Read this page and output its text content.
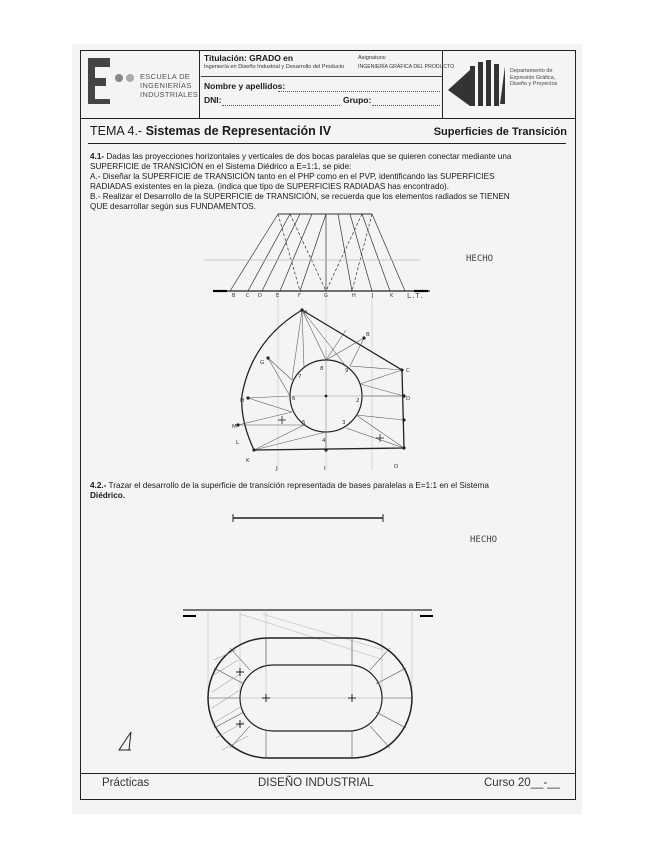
ESCUELA DE
INGENIERÍAS
INDUSTRIALES
Titulación: GRADO en
Ingeniería en Diseño Industrial y Desarrollo del Producto
Asignatura:
INGENIERÍA GRÁFICA DEL PRODUCTO
Nombre y apellidos:
DNI:	Grupo:
Departamento de
Expresión Gráfica,
Diseño y Proyectos
TEMA 4.- Sistemas de Representación IV	Superficies de Transición
4.1- Dadas las proyecciones horizontales y verticales de dos bocas paralelas que se quieren conectar mediante una
SUPERFICIE de TRANSICIÓN en el Sistema Diédrico a E=1:1, se pide:
A.- Diseñar la SUPERFICIE de TRANSICIÓN tanto en el PHP como en el PVP, identificando las SUPERFICIES
RADIADAS existentes en la pieza. (indica que tipo de SUPERFICIES RADIADAS has encontrado).
B.- Realizar el Desarrollo de la SUPERFICIE de TRANSICIÓN, se recuerda que los elementos radiados se TIENEN
QUE desarrollar según sus FUNDAMENTOS.
4.2.- Trazar el desarrollo de la superficie de transición representada de bases paralelas a E=1:1 en el Sistema
Diédrico.
HECHO
HECHO
L.T.
B C D	E	F	G	H	J	K
A
G
H
M
L
K
J	I	D
D
C
B
3
4
5
6
7
8	9
2
Prácticas	DISEÑO INDUSTRIAL	Curso 20__-__
